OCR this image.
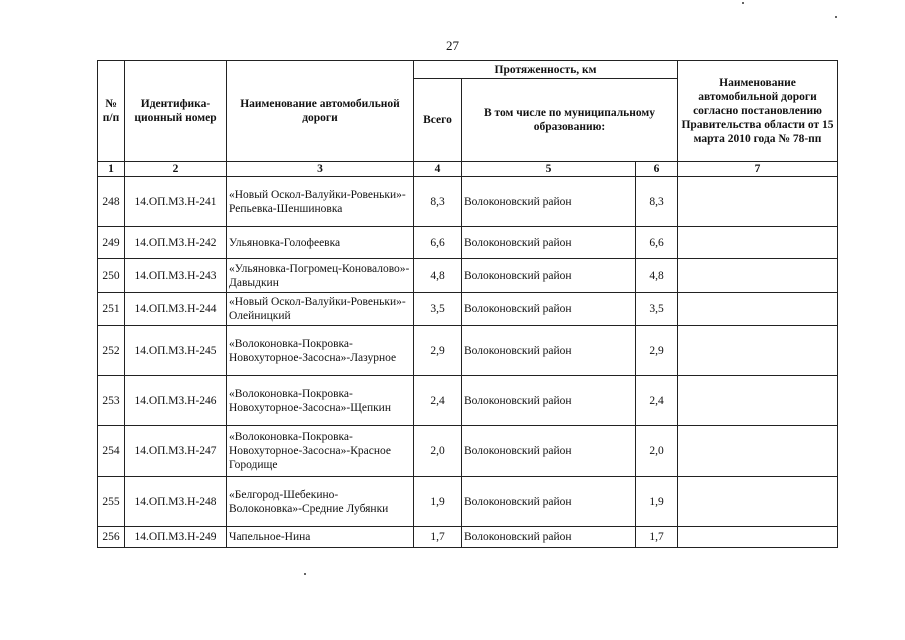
27
№ п/п	Идентифика-ционный номер	Наименование автомобильной дороги	Протяженность, км			Наименование автомобильной дороги согласно постановлению Правительства области от 15 марта 2010 года № 78-пп
			Всего	В том числе по муниципальному образованию:		
1	2	3	4	5	6	7
248	14.ОП.МЗ.Н-241	«Новый Оскол-Валуйки-Ровеньки»-Репьевка-Шеншиновка	8,3	Волоконовский район	8,3	
249	14.ОП.МЗ.Н-242	Ульяновка-Голофеевка	6,6	Волоконовский район	6,6	
250	14.ОП.МЗ.Н-243	«Ульяновка-Погромец-Коновалово»- Давыдкин	4,8	Волоконовский район	4,8	
251	14.ОП.МЗ.Н-244	«Новый Оскол-Валуйки-Ровеньки»-Олейницкий	3,5	Волоконовский район	3,5	
252	14.ОП.МЗ.Н-245	«Волоконовка-Покровка-Новохуторное-Засосна»-Лазурное	2,9	Волоконовский район	2,9	
253	14.ОП.МЗ.Н-246	«Волоконовка-Покровка-Новохуторное-Засосна»-Щепкин	2,4	Волоконовский район	2,4	
254	14.ОП.МЗ.Н-247	«Волоконовка-Покровка-Новохуторное-Засосна»-Красное Городище	2,0	Волоконовский район	2,0	
255	14.ОП.МЗ.Н-248	«Белгород-Шебекино-Волоконовка»-Средние Лубянки	1,9	Волоконовский район	1,9	
256	14.ОП.МЗ.Н-249	Чапельное-Нина	1,7	Волоконовский район	1,7	
